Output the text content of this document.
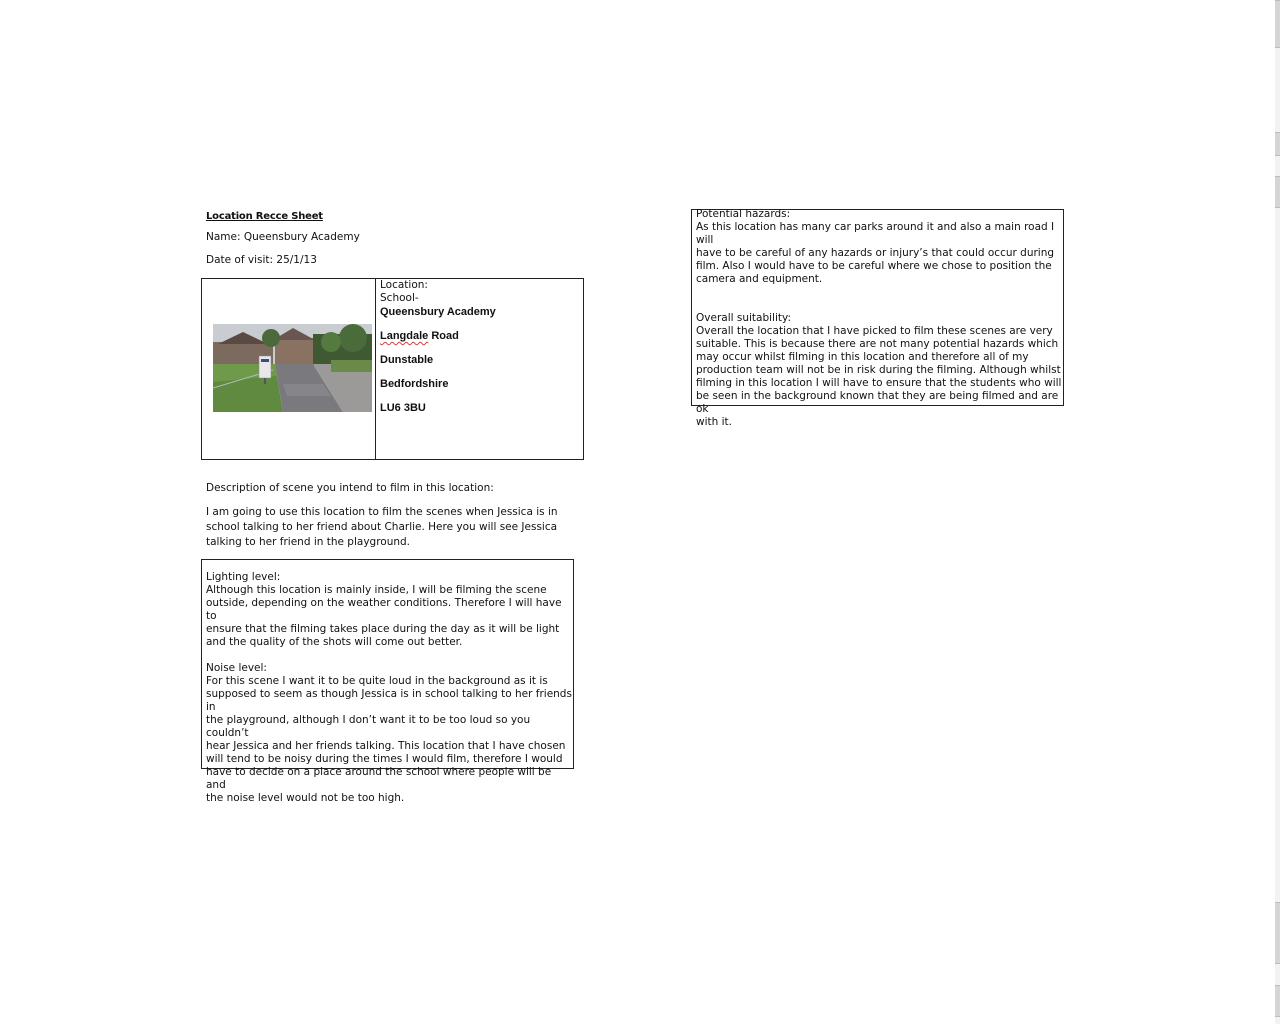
Location Recce Sheet
Name: Queensbury Academy
Date of visit: 25/1/13
Location:
School-
Queensbury Academy
Langdale Road
Dunstable
Bedfordshire
LU6 3BU
Description of scene you intend to film in this location:
I am going to use this location to film the scenes when Jessica is in
school talking to her friend about Charlie. Here you will see Jessica
talking to her friend in the playground.
Lighting level:
Although this location is mainly inside, I will be filming the scene
outside, depending on the weather conditions. Therefore I will have to
ensure that the filming takes place during the day as it will be light
and the quality of the shots will come out better.
Noise level:
For this scene I want it to be quite loud in the background as it is
supposed to seem as though Jessica is in school talking to her friends in
the playground, although I don’t want it to be too loud so you couldn’t
hear Jessica and her friends talking. This location that I have chosen
will tend to be noisy during the times I would film, therefore I would
have to decide on a place around the school where people will be and
the noise level would not be too high.
Potential hazards:
As this location has many car parks around it and also a main road I will
have to be careful of any hazards or injury’s that could occur during
film. Also I would have to be careful where we chose to position the
camera and equipment.
Overall suitability:
Overall the location that I have picked to film these scenes are very
suitable. This is because there are not many potential hazards which
may occur whilst filming in this location and therefore all of my
production team will not be in risk during the filming. Although whilst
filming in this location I will have to ensure that the students who will
be seen in the background known that they are being filmed and are ok
with it.
